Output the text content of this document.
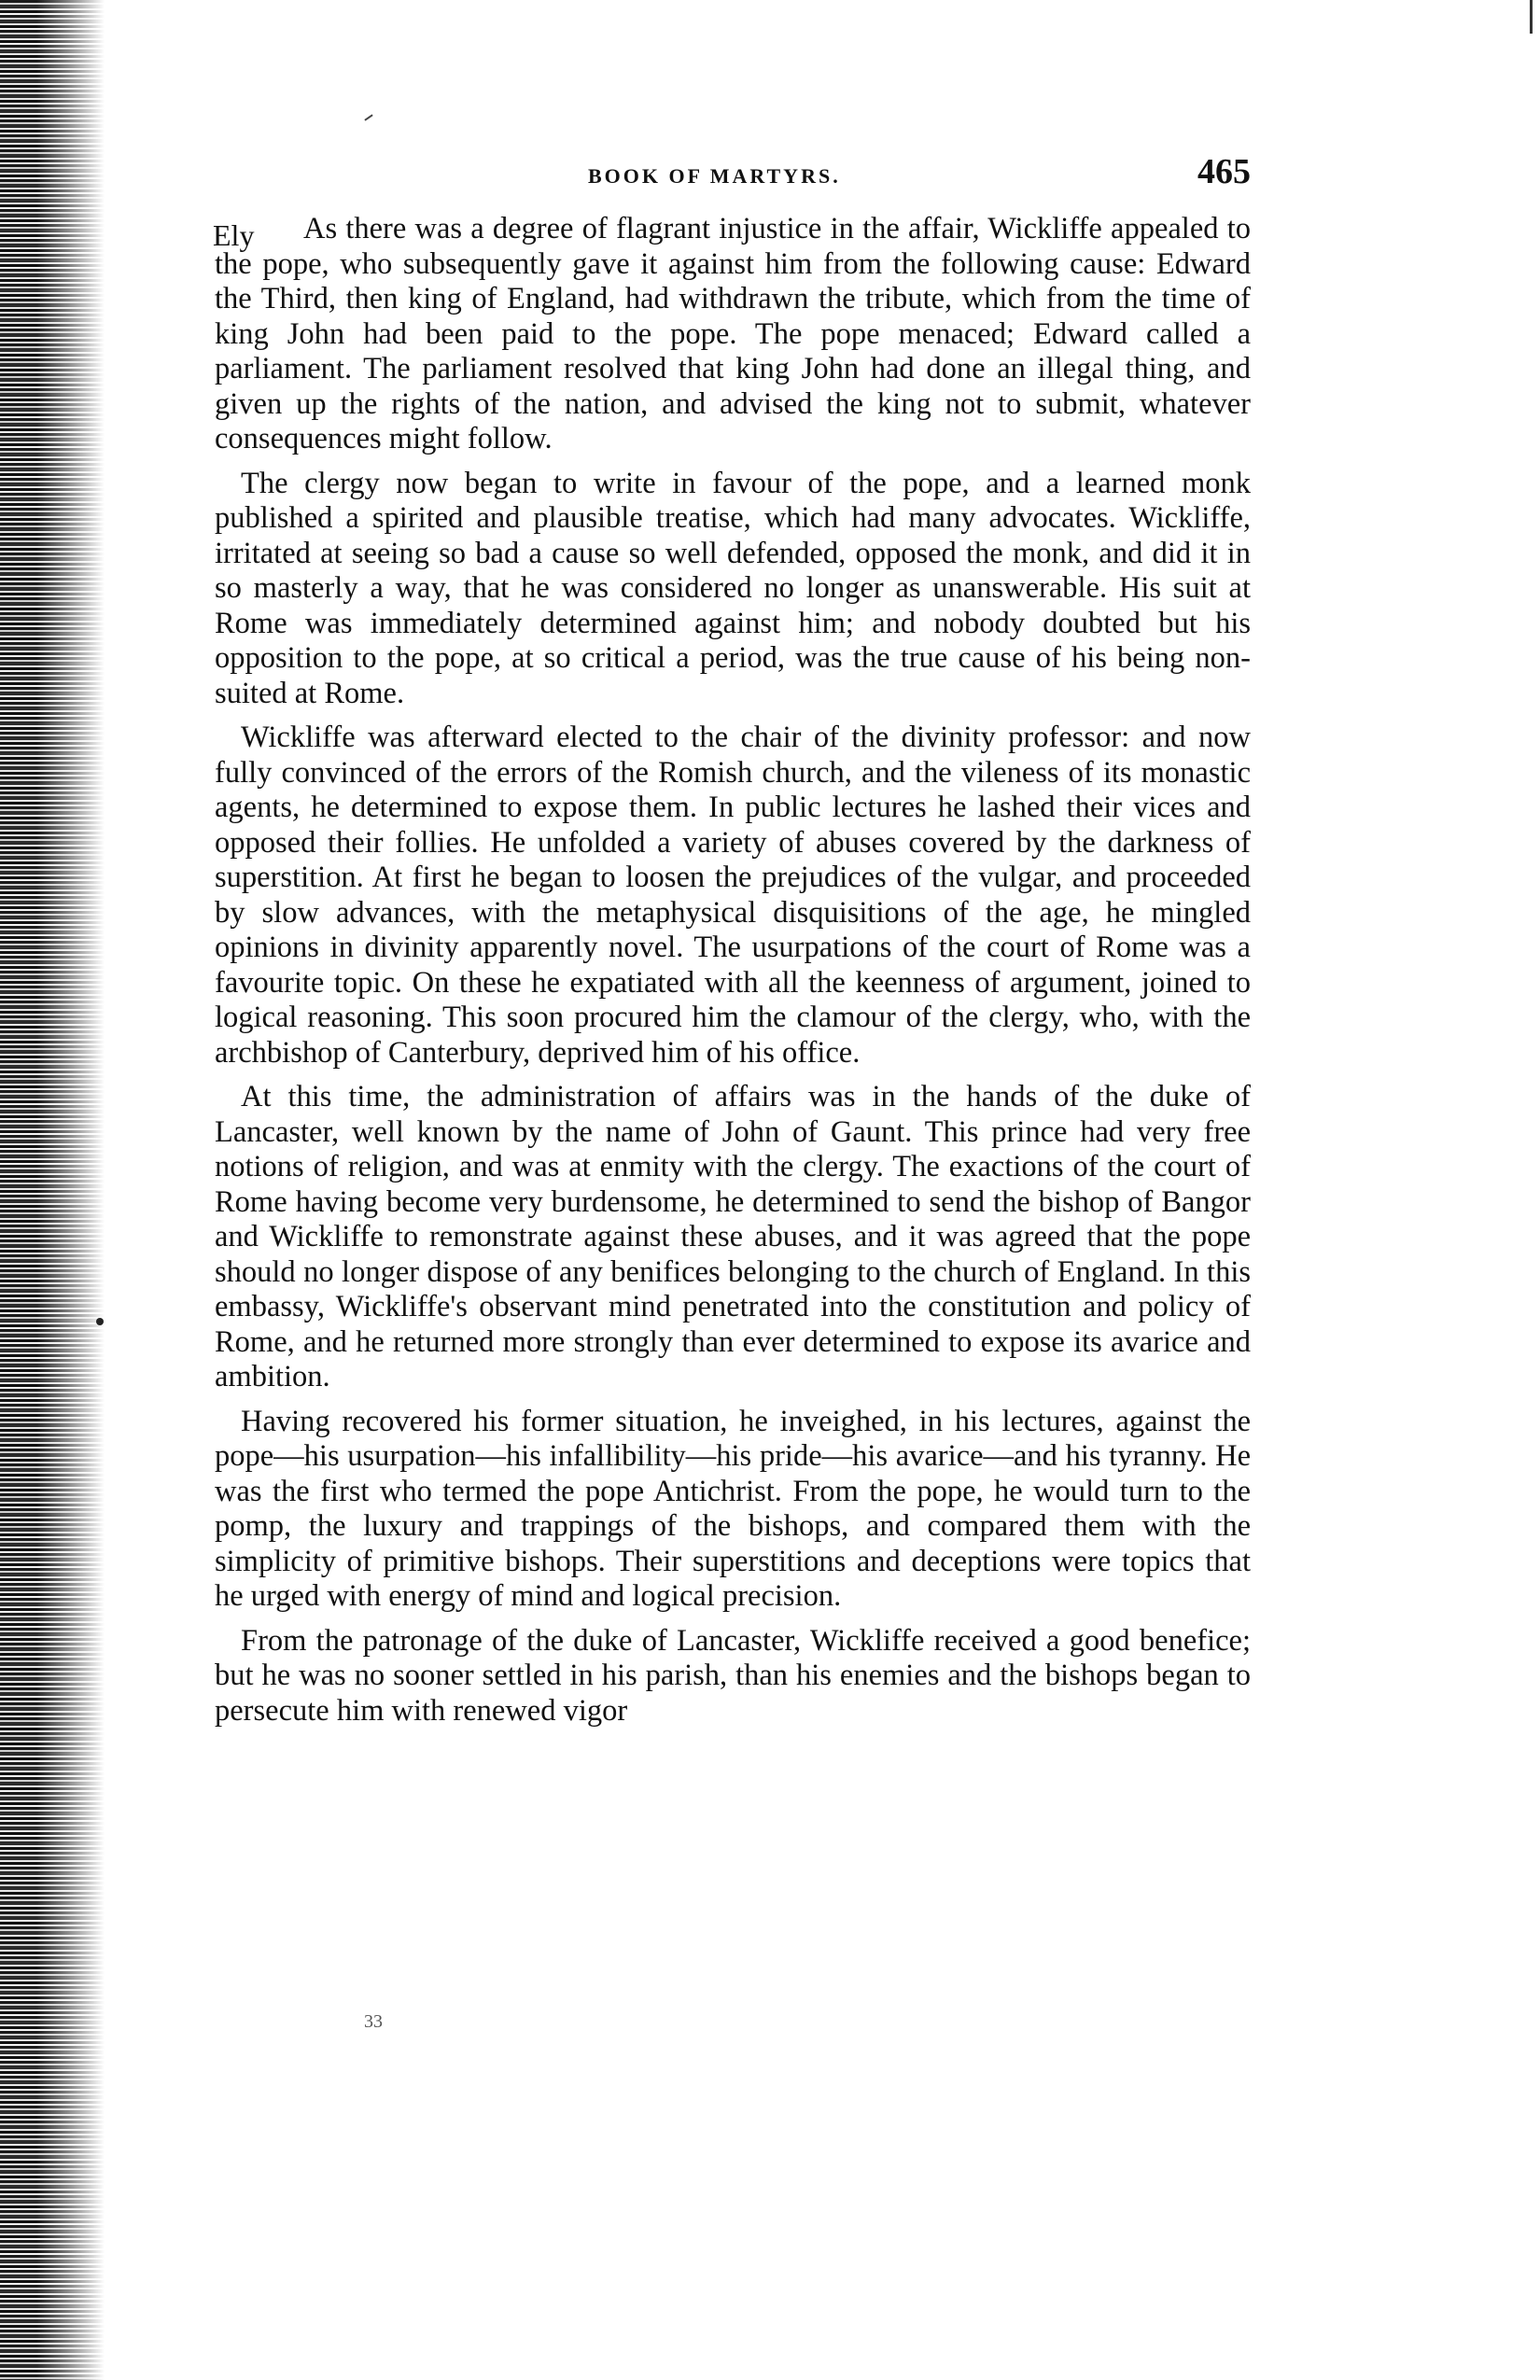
BOOK OF MARTYRS.	465
Ely	As there was a degree of flagrant injustice in the affair, Wickliffe appealed to the pope, who subsequently gave it against him from the following cause: Edward the Third, then king of England, had withdrawn the tribute, which from the time of king John had been paid to the pope. The pope menaced; Edward called a parliament. The parliament resolved that king John had done an illegal thing, and given up the rights of the nation, and advised the king not to submit, whatever consequences might follow.

The clergy now began to write in favour of the pope, and a learned monk published a spirited and plausible treatise, which had many advocates. Wickliffe, irritated at seeing so bad a cause so well defended, opposed the monk, and did it in so masterly a way, that he was considered no longer as unanswerable. His suit at Rome was immediately determined against him; and nobody doubted but his opposition to the pope, at so critical a period, was the true cause of his being non-suited at Rome.

Wickliffe was afterward elected to the chair of the divinity professor: and now fully convinced of the errors of the Romish church, and the vileness of its monastic agents, he determined to expose them. In public lectures he lashed their vices and opposed their follies. He unfolded a variety of abuses covered by the darkness of superstition. At first he began to loosen the prejudices of the vulgar, and proceeded by slow advances, with the metaphysical disquisitions of the age, he mingled opinions in divinity apparently novel. The usurpations of the court of Rome was a favourite topic. On these he expatiated with all the keenness of argument, joined to logical reasoning. This soon procured him the clamour of the clergy, who, with the archbishop of Canterbury, deprived him of his office.

At this time, the administration of affairs was in the hands of the duke of Lancaster, well known by the name of John of Gaunt. This prince had very free notions of religion, and was at enmity with the clergy. The exactions of the court of Rome having become very burdensome, he determined to send the bishop of Bangor and Wickliffe to remonstrate against these abuses, and it was agreed that the pope should no longer dispose of any benifices belonging to the church of England. In this embassy, Wickliffe's observant mind penetrated into the constitution and policy of Rome, and he returned more strongly than ever determined to expose its avarice and ambition.

Having recovered his former situation, he inveighed, in his lectures, against the pope—his usurpation—his infallibility—his pride—his avarice—and his tyranny. He was the first who termed the pope Antichrist. From the pope, he would turn to the pomp, the luxury and trappings of the bishops, and compared them with the simplicity of primitive bishops. Their superstitions and deceptions were topics that he urged with energy of mind and logical precision.

From the patronage of the duke of Lancaster, Wickliffe received a good benefice; but he was no sooner settled in his parish, than his enemies and the bishops began to persecute him with renewed vigor

33
